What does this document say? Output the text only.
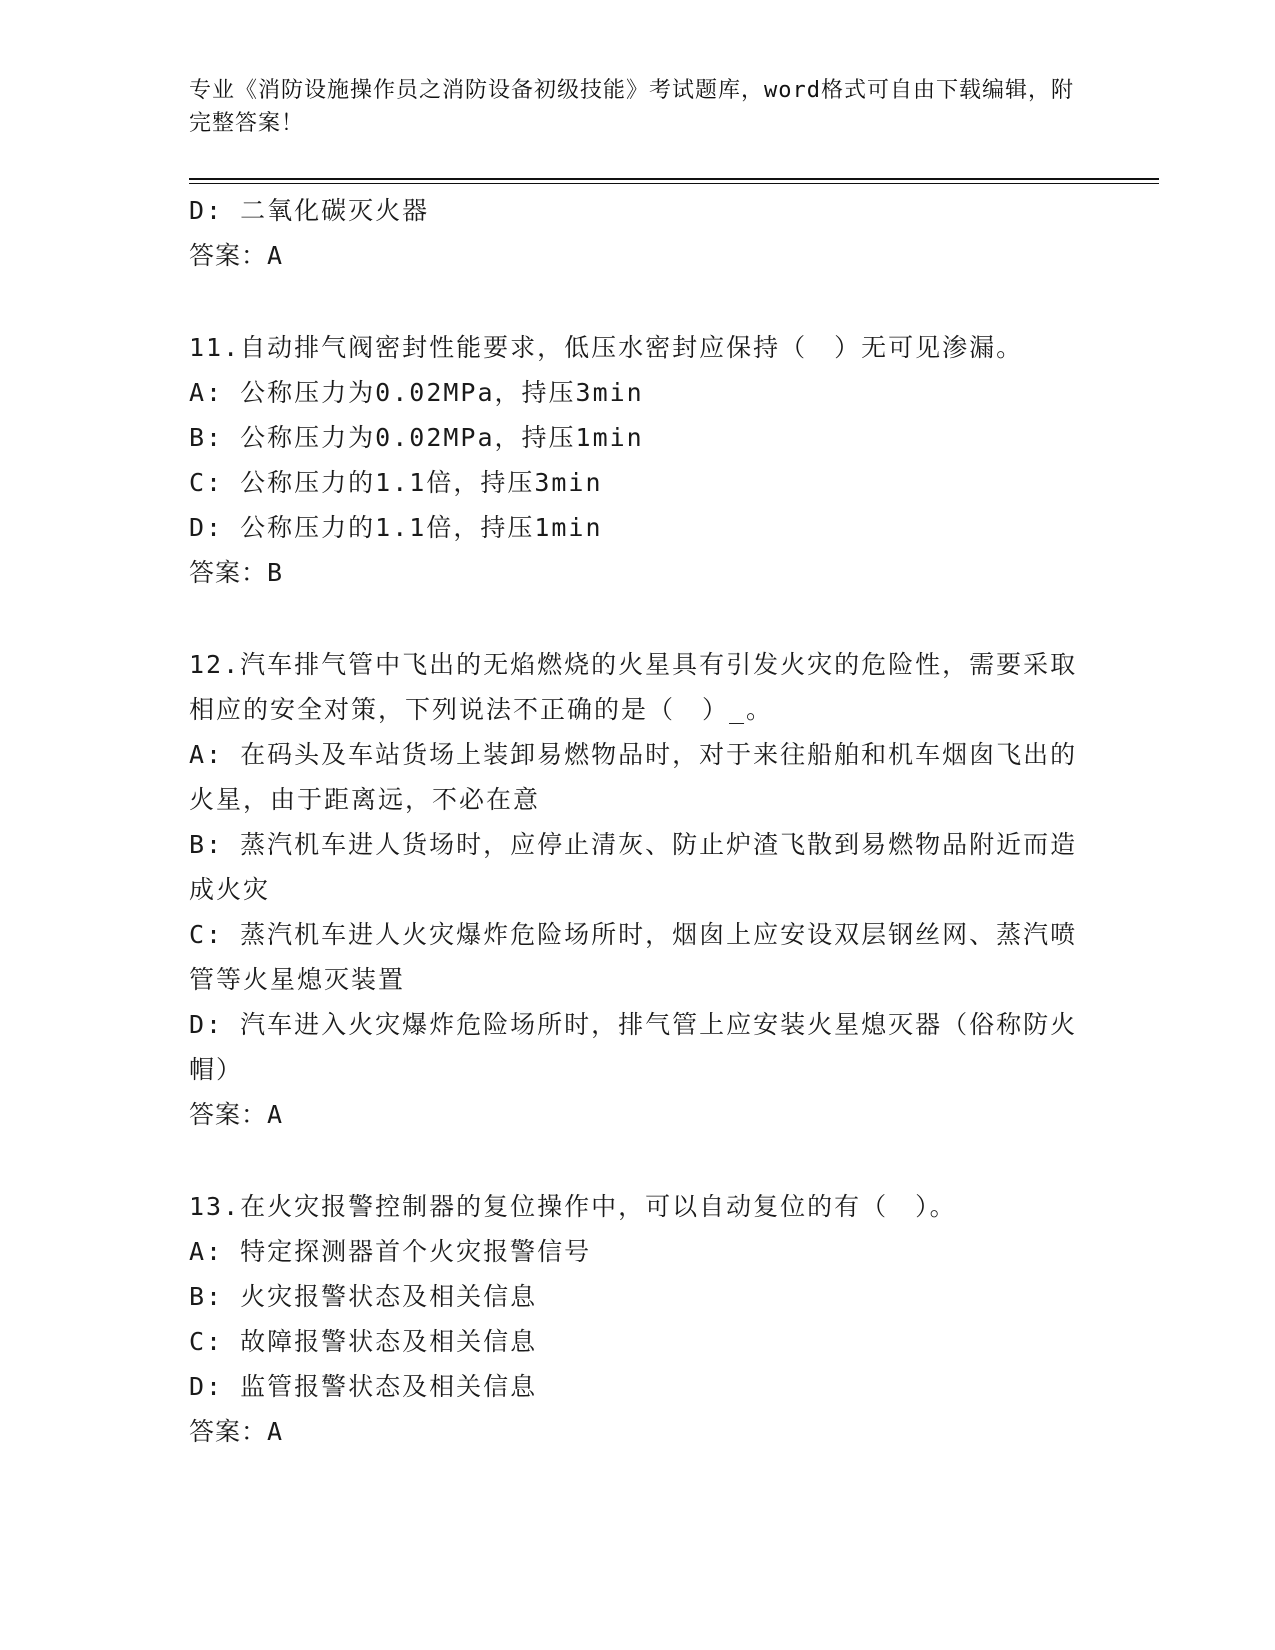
专业《消防设施操作员之消防设备初级技能》考试题库，word格式可自由下载编辑，附完整答案！
D: 二氧化碳灭火器
答案：A
11.自动排气阀密封性能要求，低压水密封应保持（　）无可见渗漏。
A: 公称压力为0.02MPa，持压3min
B: 公称压力为0.02MPa，持压1min
C: 公称压力的1.1倍，持压3min
D: 公称压力的1.1倍，持压1min
答案：B
12.汽车排气管中飞出的无焰燃烧的火星具有引发火灾的危险性，需要采取相应的安全对策，下列说法不正确的是（　）_。
A: 在码头及车站货场上装卸易燃物品时，对于来往船舶和机车烟囱飞出的火星，由于距离远，不必在意
B: 蒸汽机车进人货场时，应停止清灰、防止炉渣飞散到易燃物品附近而造成火灾
C: 蒸汽机车进人火灾爆炸危险场所时，烟囱上应安设双层钢丝网、蒸汽喷管等火星熄灭装置
D: 汽车进入火灾爆炸危险场所时，排气管上应安装火星熄灭器（俗称防火帽）
答案：A
13.在火灾报警控制器的复位操作中，可以自动复位的有（　）。
A: 特定探测器首个火灾报警信号
B: 火灾报警状态及相关信息
C: 故障报警状态及相关信息
D: 监管报警状态及相关信息
答案：A
